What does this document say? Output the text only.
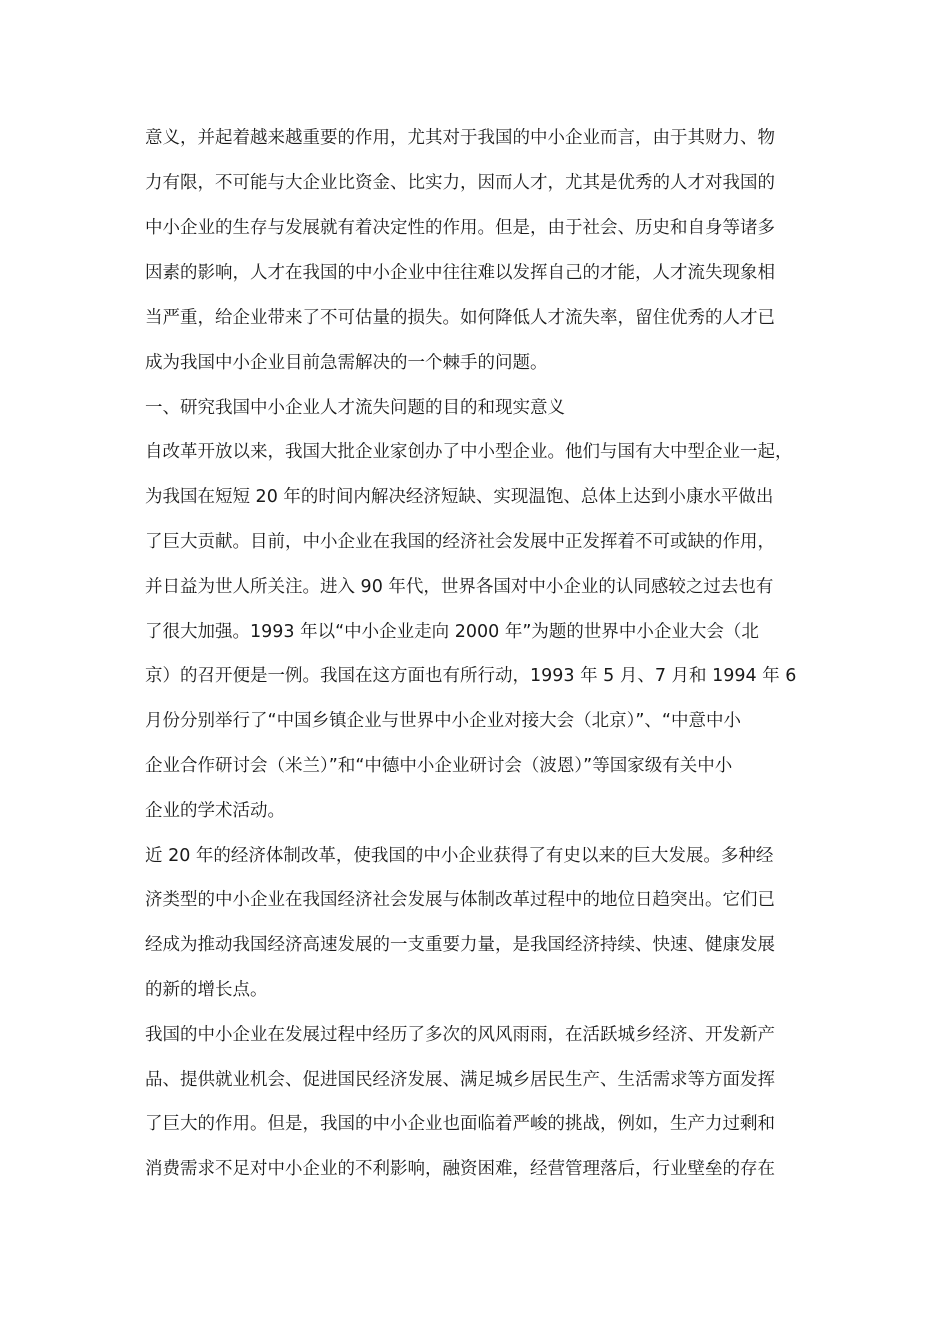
意义，并起着越来越重要的作用，尤其对于我国的中小企业而言，由于其财力、物
力有限，不可能与大企业比资金、比实力，因而人才，尤其是优秀的人才对我国的
中小企业的生存与发展就有着决定性的作用。但是，由于社会、历史和自身等诸多
因素的影响，人才在我国的中小企业中往往难以发挥自己的才能，人才流失现象相
当严重，给企业带来了不可估量的损失。如何降低人才流失率，留住优秀的人才已
成为我国中小企业目前急需解决的一个棘手的问题。
一、研究我国中小企业人才流失问题的目的和现实意义
自改革开放以来，我国大批企业家创办了中小型企业。他们与国有大中型企业一起，
为我国在短短 20 年的时间内解决经济短缺、实现温饱、总体上达到小康水平做出
了巨大贡献。目前，中小企业在我国的经济社会发展中正发挥着不可或缺的作用，
并日益为世人所关注。进入 90 年代，世界各国对中小企业的认同感较之过去也有
了很大加强。1993 年以“中小企业走向 2000 年”为题的世界中小企业大会（北
京）的召开便是一例。我国在这方面也有所行动，1993 年 5 月、7 月和 1994 年 6
月份分别举行了“中国乡镇企业与世界中小企业对接大会（北京）”、“中意中小
企业合作研讨会（米兰）”和“中德中小企业研讨会（波恩）”等国家级有关中小
企业的学术活动。
近 20 年的经济体制改革，使我国的中小企业获得了有史以来的巨大发展。多种经
济类型的中小企业在我国经济社会发展与体制改革过程中的地位日趋突出。它们已
经成为推动我国经济高速发展的一支重要力量，是我国经济持续、快速、健康发展
的新的增长点。
我国的中小企业在发展过程中经历了多次的风风雨雨，在活跃城乡经济、开发新产
品、提供就业机会、促进国民经济发展、满足城乡居民生产、生活需求等方面发挥
了巨大的作用。但是，我国的中小企业也面临着严峻的挑战，例如，生产力过剩和
消费需求不足对中小企业的不利影响，融资困难，经营管理落后，行业壁垒的存在
